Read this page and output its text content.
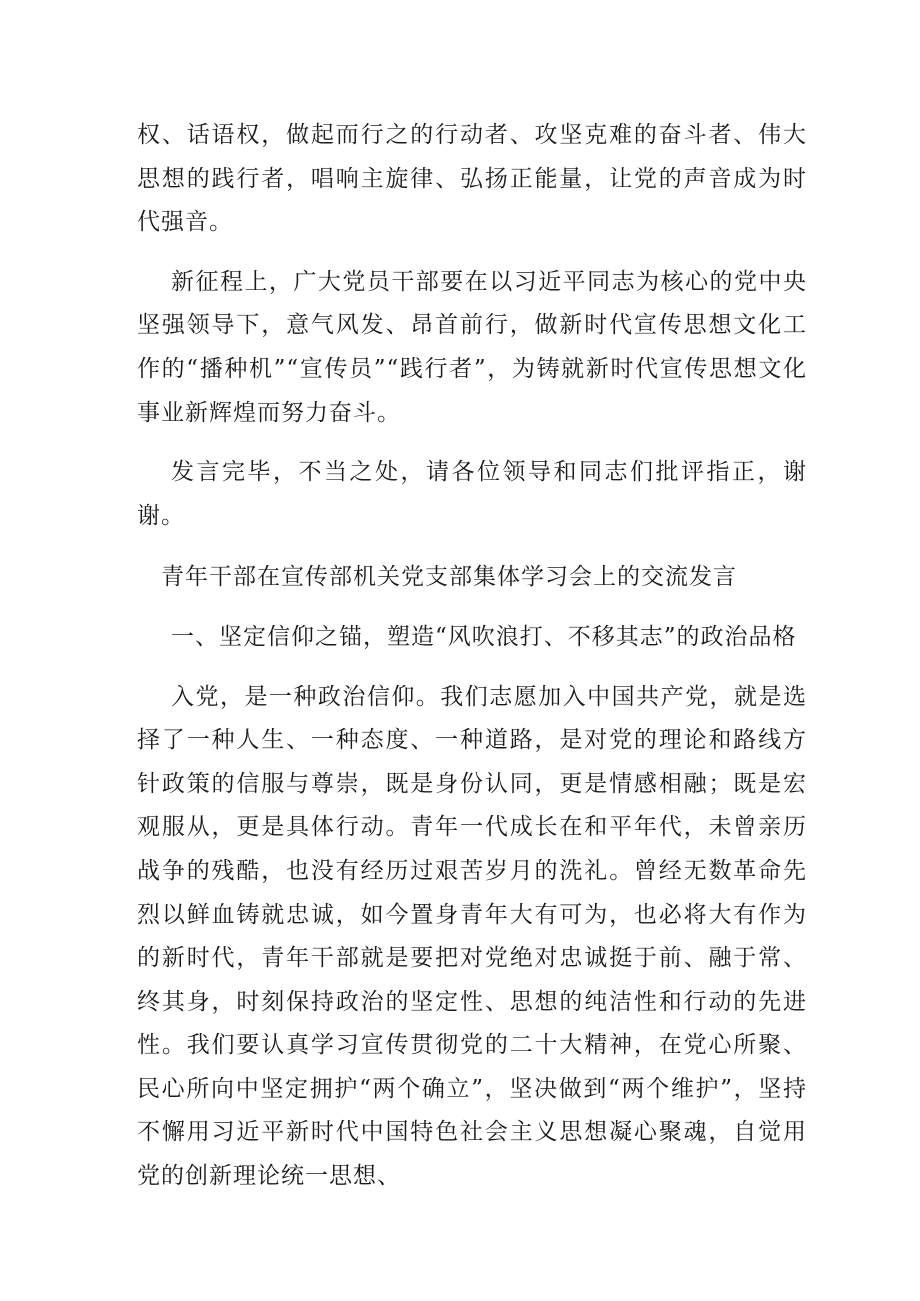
权、话语权，做起而行之的行动者、攻坚克难的奋斗者、伟大思想的践行者，唱响主旋律、弘扬正能量，让党的声音成为时代强音。

新征程上，广大党员干部要在以习近平同志为核心的党中央坚强领导下，意气风发、昂首前行，做新时代宣传思想文化工作的“播种机”“宣传员”“践行者”，为铸就新时代宣传思想文化事业新辉煌而努力奋斗。

发言完毕，不当之处，请各位领导和同志们批评指正，谢谢。

青年干部在宣传部机关党支部集体学习会上的交流发言

一、坚定信仰之锚，塑造“风吹浪打、不移其志”的政治品格

入党，是一种政治信仰。我们志愿加入中国共产党，就是选择了一种人生、一种态度、一种道路，是对党的理论和路线方针政策的信服与尊崇，既是身份认同，更是情感相融；既是宏观服从，更是具体行动。青年一代成长在和平年代，未曾亲历战争的残酷，也没有经历过艰苦岁月的洗礼。曾经无数革命先烈以鲜血铸就忠诚，如今置身青年大有可为，也必将大有作为的新时代，青年干部就是要把对党绝对忠诚挺于前、融于常、终其身，时刻保持政治的坚定性、思想的纯洁性和行动的先进性。我们要认真学习宣传贯彻党的二十大精神，在党心所聚、民心所向中坚定拥护“两个确立”，坚决做到“两个维护”，坚持不懈用习近平新时代中国特色社会主义思想凝心聚魂，自觉用党的创新理论统一思想、
